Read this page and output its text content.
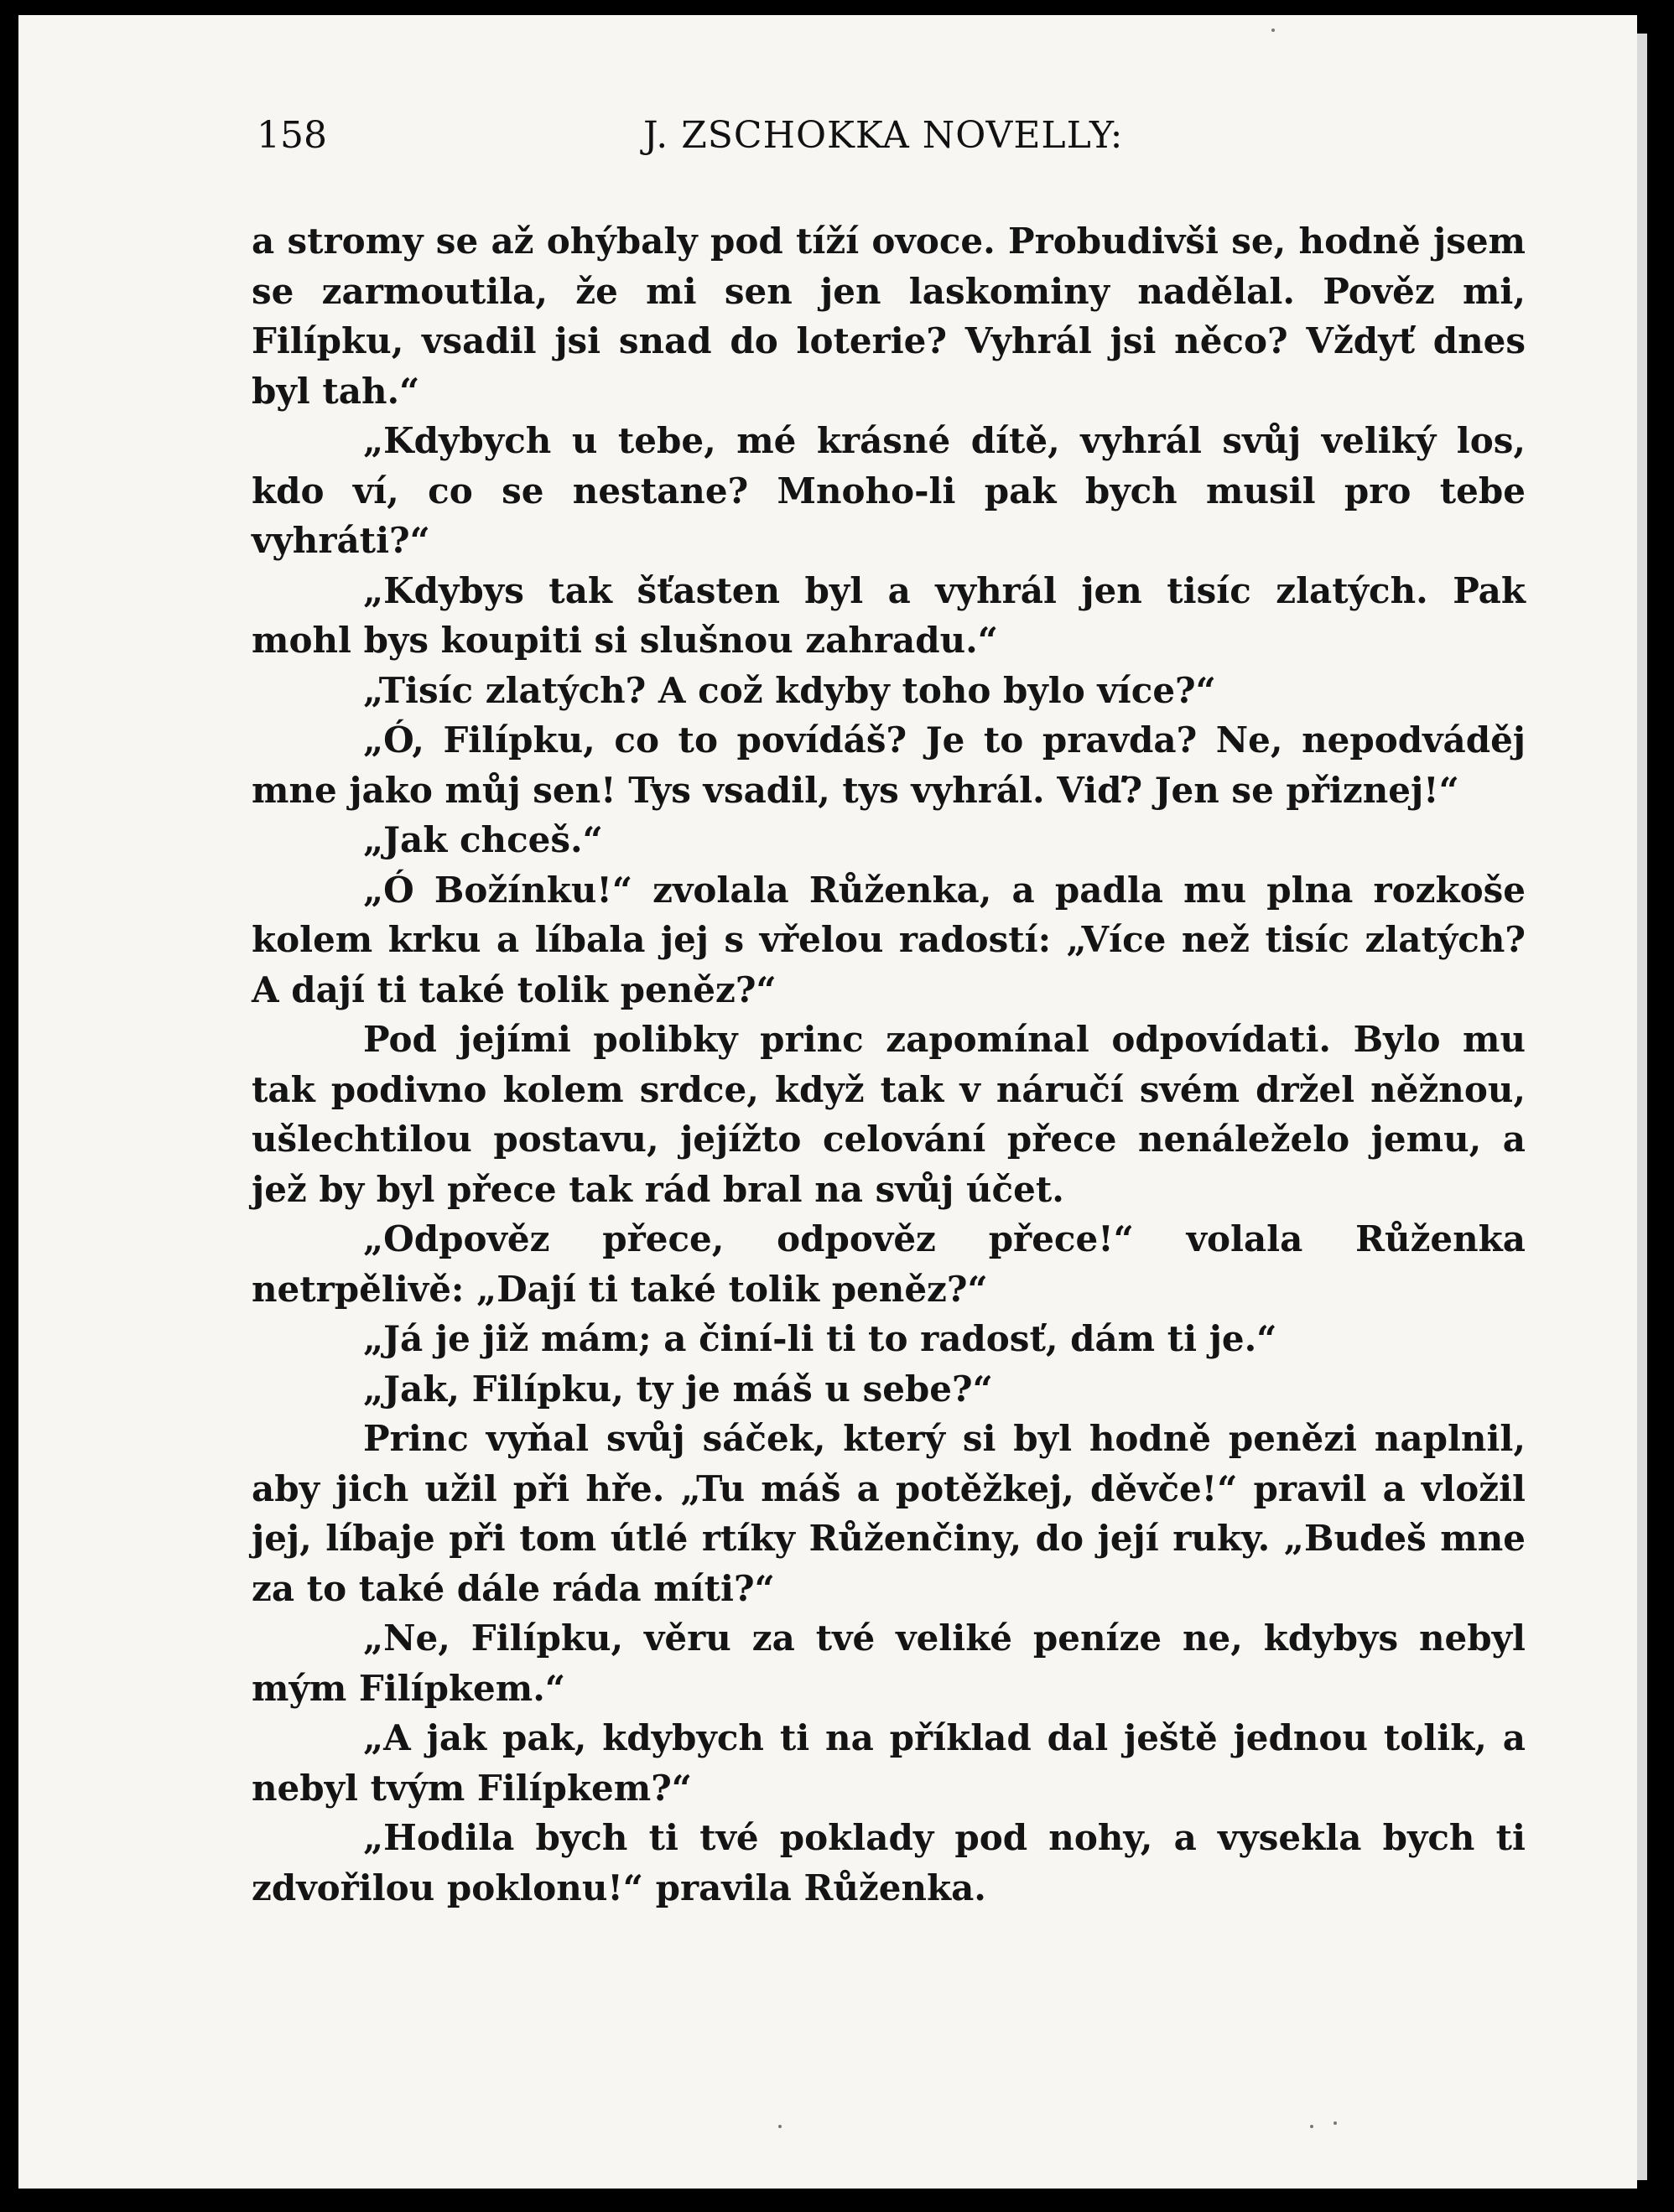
158	J. ZSCHOKKA NOVELLY:

a stromy se až ohýbaly pod tíží ovoce. Probudivši se, hodně jsem se zarmoutila, že mi sen jen laskominy nadělal. Pověz mi, Filípku, vsadil jsi snad do loterie? Vyhrál jsi něco? Vždyť dnes byl tah.“

„Kdybych u tebe, mé krásné dítě, vyhrál svůj veliký los, kdo ví, co se nestane? Mnoho-li pak bych musil pro tebe vyhráti?“

„Kdybys tak šťasten byl a vyhrál jen tisíc zlatých. Pak mohl bys koupiti si slušnou zahradu.“

„Tisíc zlatých? A což kdyby toho bylo více?“

„Ó, Filípku, co to povídáš? Je to pravda? Ne, nepodváděj mne jako můj sen! Tys vsadil, tys vyhrál. Viď? Jen se přiznej!“

„Jak chceš.“

„Ó Božínku!“ zvolala Růženka, a padla mu plna rozkoše kolem krku a líbala jej s vřelou radostí: „Více než tisíc zlatých? A dají ti také tolik peněz?“

Pod jejími polibky princ zapomínal odpovídati. Bylo mu tak podivno kolem srdce, když tak v náručí svém držel něžnou, ušlechtilou postavu, jejížto celování přece nenáleželo jemu, a jež by byl přece tak rád bral na svůj účet.

„Odpověz přece, odpověz přece!“ volala Růženka netrpělivě: „Dají ti také tolik peněz?“

„Já je již mám; a činí-li ti to radosť, dám ti je.“

„Jak, Filípku, ty je máš u sebe?“

Princ vyňal svůj sáček, který si byl hodně penězi naplnil, aby jich užil při hře. „Tu máš a potěžkej, děvče!“ pravil a vložil jej, líbaje při tom útlé rtíky Růženčiny, do její ruky. „Budeš mne za to také dále ráda míti?“

„Ne, Filípku, věru za tvé veliké peníze ne, kdybys nebyl mým Filípkem.“

„A jak pak, kdybych ti na příklad dal ještě jednou tolik, a nebyl tvým Filípkem?“

„Hodila bych ti tvé poklady pod nohy, a vysekla bych ti zdvořilou poklonu!“ pravila Růženka.
